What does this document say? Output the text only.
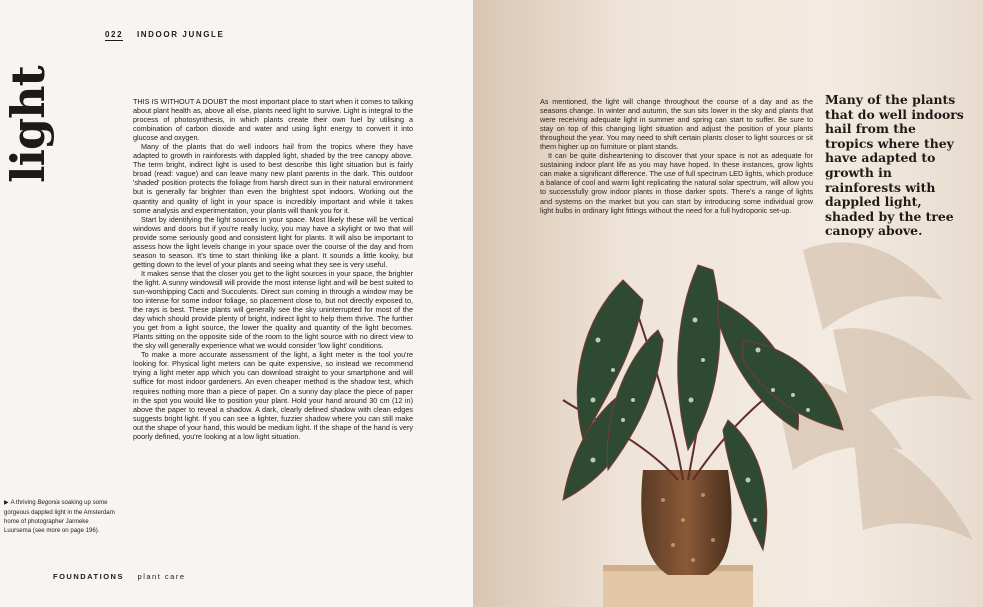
022 INDOOR JUNGLE
light	THIS IS WITHOUT A DOUBT the most important place to start when it comes to talking about plant health as, above all else, plants need light to survive. Light is integral to the process of photosynthesis, in which plants create their own fuel by utilising a combination of carbon dioxide and water and using light energy to convert it into glucose and oxygen.

Many of the plants that do well indoors hail from the tropics where they have adapted to growth in rainforests with dappled light, shaded by the tree canopy above. The term bright, indirect light is used to best describe this light situation but is fairly broad (read: vague) and can leave many new plant parents in the dark. This outdoor 'shaded' position protects the foliage from harsh direct sun in their natural environment but is generally far brighter than even the brightest spot indoors. Working out the quantity and quality of light in your space is incredibly important and while it takes some analysis and experimentation, your plants will thank you for it.

Start by identifying the light sources in your space. Most likely these will be vertical windows and doors but if you're really lucky, you may have a skylight or two that will provide some seriously good and consistent light for plants. It will also be important to assess how the light levels change in your space over the course of the day and from season to season. It's time to start thinking like a plant. It sounds a little kooky, but getting down to the level of your plants and seeing what they see is very useful.

It makes sense that the closer you get to the light sources in your space, the brighter the light. A sunny windowsill will provide the most intense light and will be best suited to sun-worshipping Cacti and Succulents. Direct sun coming in through a window may be too intense for some indoor foliage, so placement close to, but not directly exposed to, the rays is best. These plants will generally see the sky uninterrupted for most of the day which should provide plenty of bright, indirect light to help them thrive. The further you get from a light source, the lower the quality and quantity of the light becomes. Plants sitting on the opposite side of the room to the light source with no direct view to the sky will generally experience what we would consider 'low light' conditions.

To make a more accurate assessment of the light, a light meter is the tool you're looking for. Physical light meters can be quite expensive, so instead we recommend trying a light meter app which you can download straight to your smartphone and will suffice for most indoor gardeners. An even cheaper method is the shadow test, which requires nothing more than a piece of paper. On a sunny day place the piece of paper in the spot you would like to position your plant. Hold your hand around 30 cm (12 in) above the paper to reveal a shadow. A dark, clearly defined shadow with clean edges suggests bright light. If you can see a lighter, fuzzier shadow where you can still make out the shape of your hand, this would be medium light. If the shape of the hand is very poorly defined, you're looking at a low light situation.

▶ A thriving Begonia soaking up some gorgeous dappled light in the Amsterdam home of photographer Janneke Luursema (see more on page 196).
FOUNDATIONS plant care

As mentioned, the light will change throughout the course of a day and as the seasons change. In winter and autumn, the sun sits lower in the sky and plants that were receiving adequate light in summer and spring can start to suffer. Be sure to stay on top of this changing light situation and adjust the position of your plants throughout the year. You may need to shift certain plants closer to light sources or sit them higher up on furniture or plant stands.

It can be quite disheartening to discover that your space is not as adequate for sustaining indoor plant life as you may have hoped. In these instances, grow lights can make a significant difference. The use of full spectrum LED lights, which produce a balance of cool and warm light replicating the natural solar spectrum, will allow you to successfully grow indoor plants in those darker spots. There's a range of lights and systems on the market but you can start by introducing some individual grow light bulbs in ordinary light fittings without the need for a full hydroponic set-up.

Many of the plants that do well indoors hail from the tropics where they have adapted to growth in rainforests with dappled light, shaded by the tree canopy above.
